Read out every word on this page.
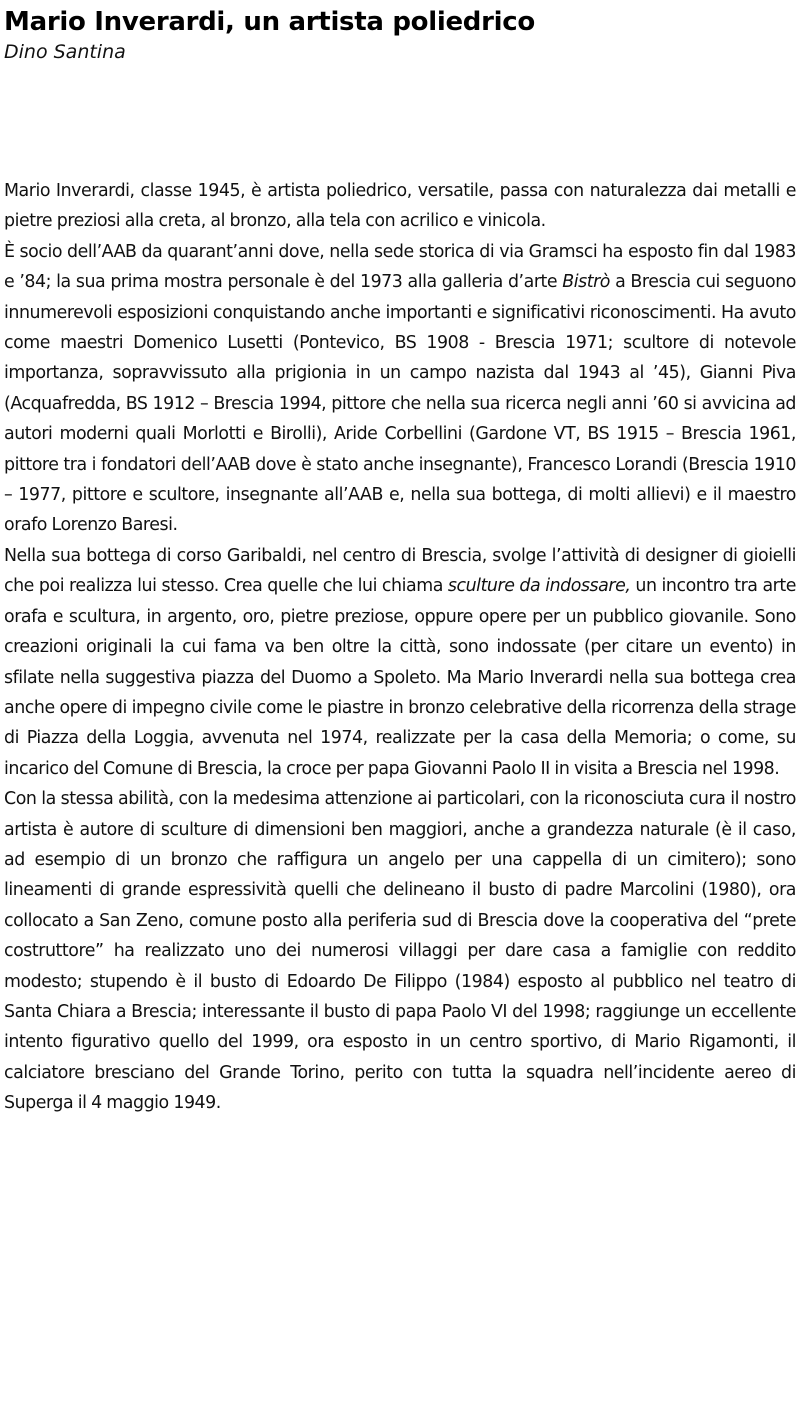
Mario Inverardi, un artista poliedrico

Dino Santina

Mario Inverardi, classe 1945, è artista poliedrico, versatile, passa con naturalezza dai metalli e pietre preziosi alla creta, al bronzo, alla tela con acrilico e vinicola.

È socio dell’AAB da quarant’anni dove, nella sede storica di via Gramsci ha esposto fin dal 1983 e ’84; la sua prima mostra personale è del 1973 alla galleria d’arte Bistrò a Brescia cui seguono innumerevoli esposizioni conquistando anche importanti e significativi riconoscimenti. Ha avuto come maestri Domenico Lusetti (Pontevico, BS 1908 - Brescia 1971; scultore di notevole importanza, sopravvissuto alla prigionia in un campo nazista dal 1943 al ’45), Gianni Piva (Acquafredda, BS 1912 – Brescia 1994, pittore che nella sua ricerca negli anni ’60 si avvicina ad autori moderni quali Morlotti e Birolli), Aride Corbellini (Gardone VT, BS 1915 – Brescia 1961, pittore tra i fondatori dell’AAB dove è stato anche insegnante), Francesco Lorandi (Brescia 1910 – 1977, pittore e scultore, insegnante all’AAB e, nella sua bottega, di molti allievi) e il maestro orafo Lorenzo Baresi.

Nella sua bottega di corso Garibaldi, nel centro di Brescia, svolge l’attività di designer di gioielli che poi realizza lui stesso. Crea quelle che lui chiama sculture da indossare, un incontro tra arte orafa e scultura, in argento, oro, pietre preziose, oppure opere per un pubblico giovanile. Sono creazioni originali la cui fama va ben oltre la città, sono indossate (per citare un evento) in sfilate nella suggestiva piazza del Duomo a Spoleto. Ma Mario Inverardi nella sua bottega crea anche opere di impegno civile come le piastre in bronzo celebrative della ricorrenza della strage di Piazza della Loggia, avvenuta nel 1974, realizzate per la casa della Memoria; o come, su incarico del Comune di Brescia, la croce per papa Giovanni Paolo II in visita a Brescia nel 1998.

Con la stessa abilità, con la medesima attenzione ai particolari, con la riconosciuta cura il nostro artista è autore di sculture di dimensioni ben maggiori, anche a grandezza naturale (è il caso, ad esempio di un bronzo che raffigura un angelo per una cappella di un cimitero); sono lineamenti di grande espressività quelli che delineano il busto di padre Marcolini (1980), ora collocato a San Zeno, comune posto alla periferia sud di Brescia dove la cooperativa del “prete costruttore” ha realizzato uno dei numerosi villaggi per dare casa a famiglie con reddito modesto; stupendo è il busto di Edoardo De Filippo (1984) esposto al pubblico nel teatro di Santa Chiara a Brescia; interessante il busto di papa Paolo VI del 1998; raggiunge un eccellente intento figurativo quello del 1999, ora esposto in un centro sportivo, di Mario Rigamonti, il calciatore bresciano del Grande Torino, perito con tutta la squadra nell’incidente aereo di Superga il 4 maggio 1949.
